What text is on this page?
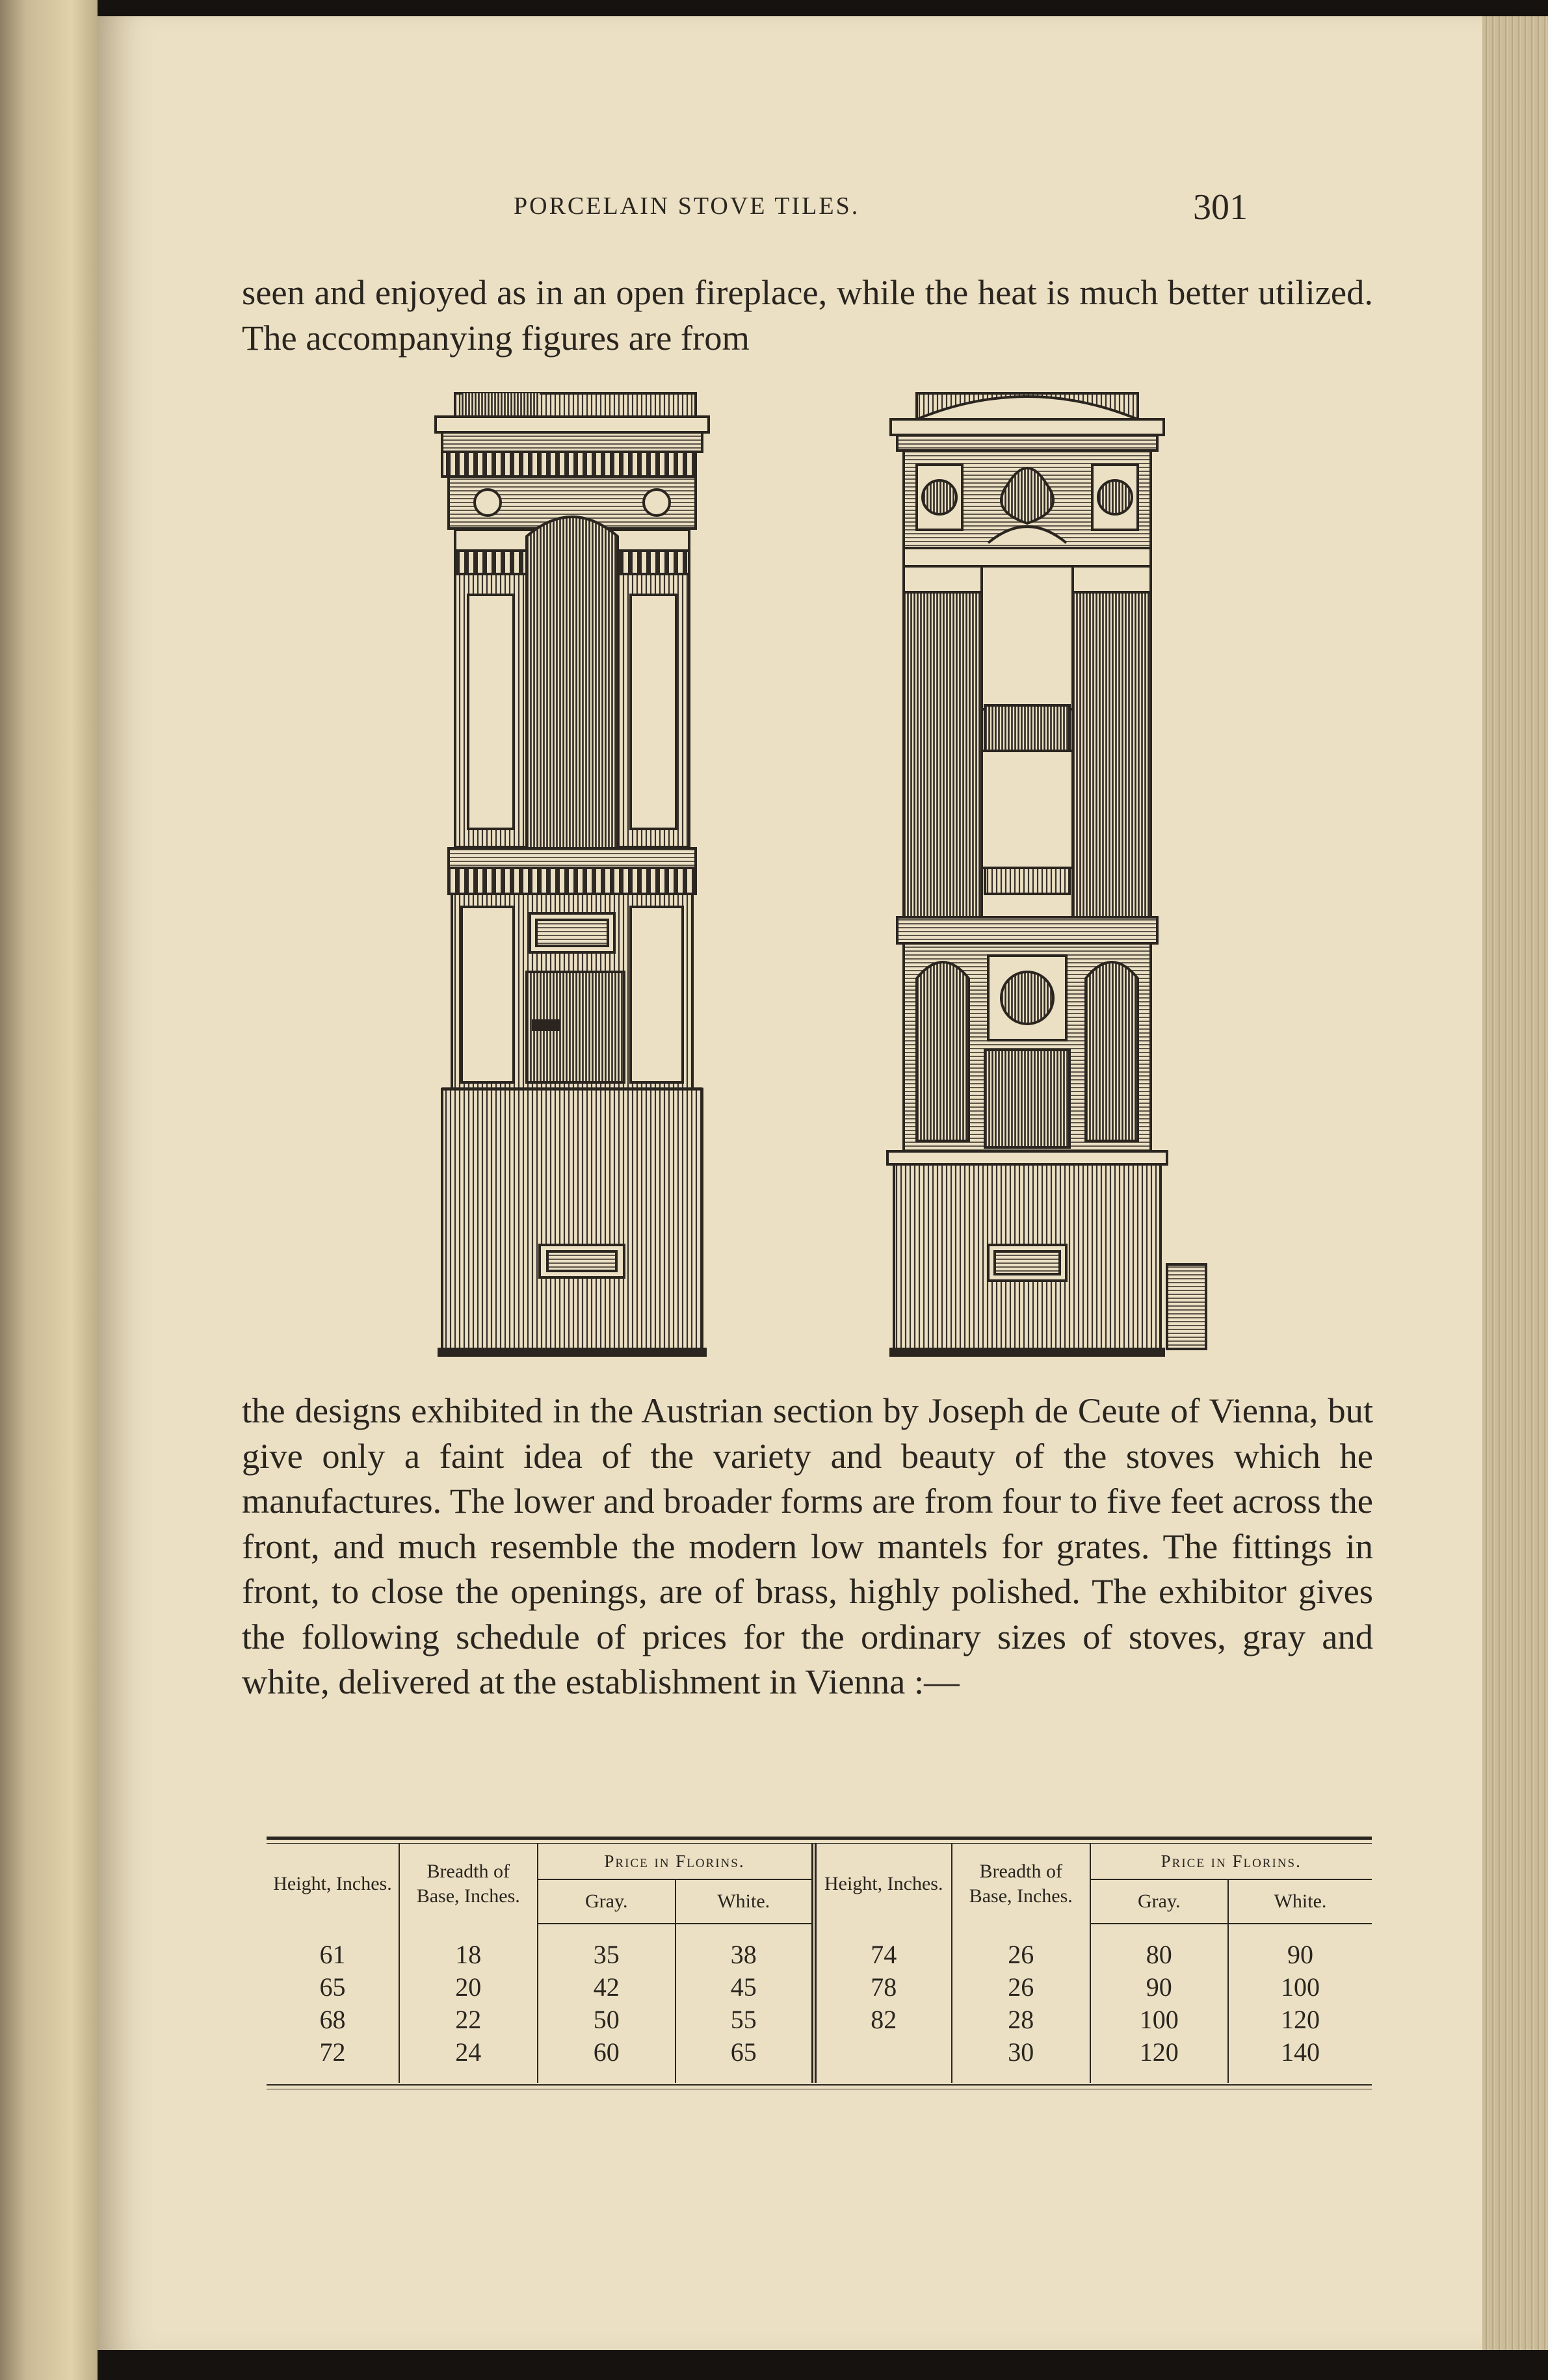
PORCELAIN STOVE TILES.	301

seen and enjoyed as in an open fireplace, while the heat is much better utilized. The accompanying figures are from

the designs exhibited in the Austrian section by Joseph de Ceute of Vienna, but give only a faint idea of the variety and beauty of the stoves which he manufactures. The lower and broader forms are from four to five feet across the front, and much resemble the modern low mantels for grates. The fittings in front, to close the openings, are of brass, highly polished. The exhibitor gives the following schedule of prices for the ordinary sizes of stoves, gray and white, delivered at the establishment in Vienna :—

Height, Inches.	Breadth of Base, Inches.	Price in Florins.		Height, Inches.	Breadth of Base, Inches.	Price in Florins.	
		Gray.	White.			Gray.	White.
61	18	35	38	74	26	80	90
65	20	42	45	78	26	90	100
68	22	50	55	82	28	100	120
72	24	60	65		30	120	140
